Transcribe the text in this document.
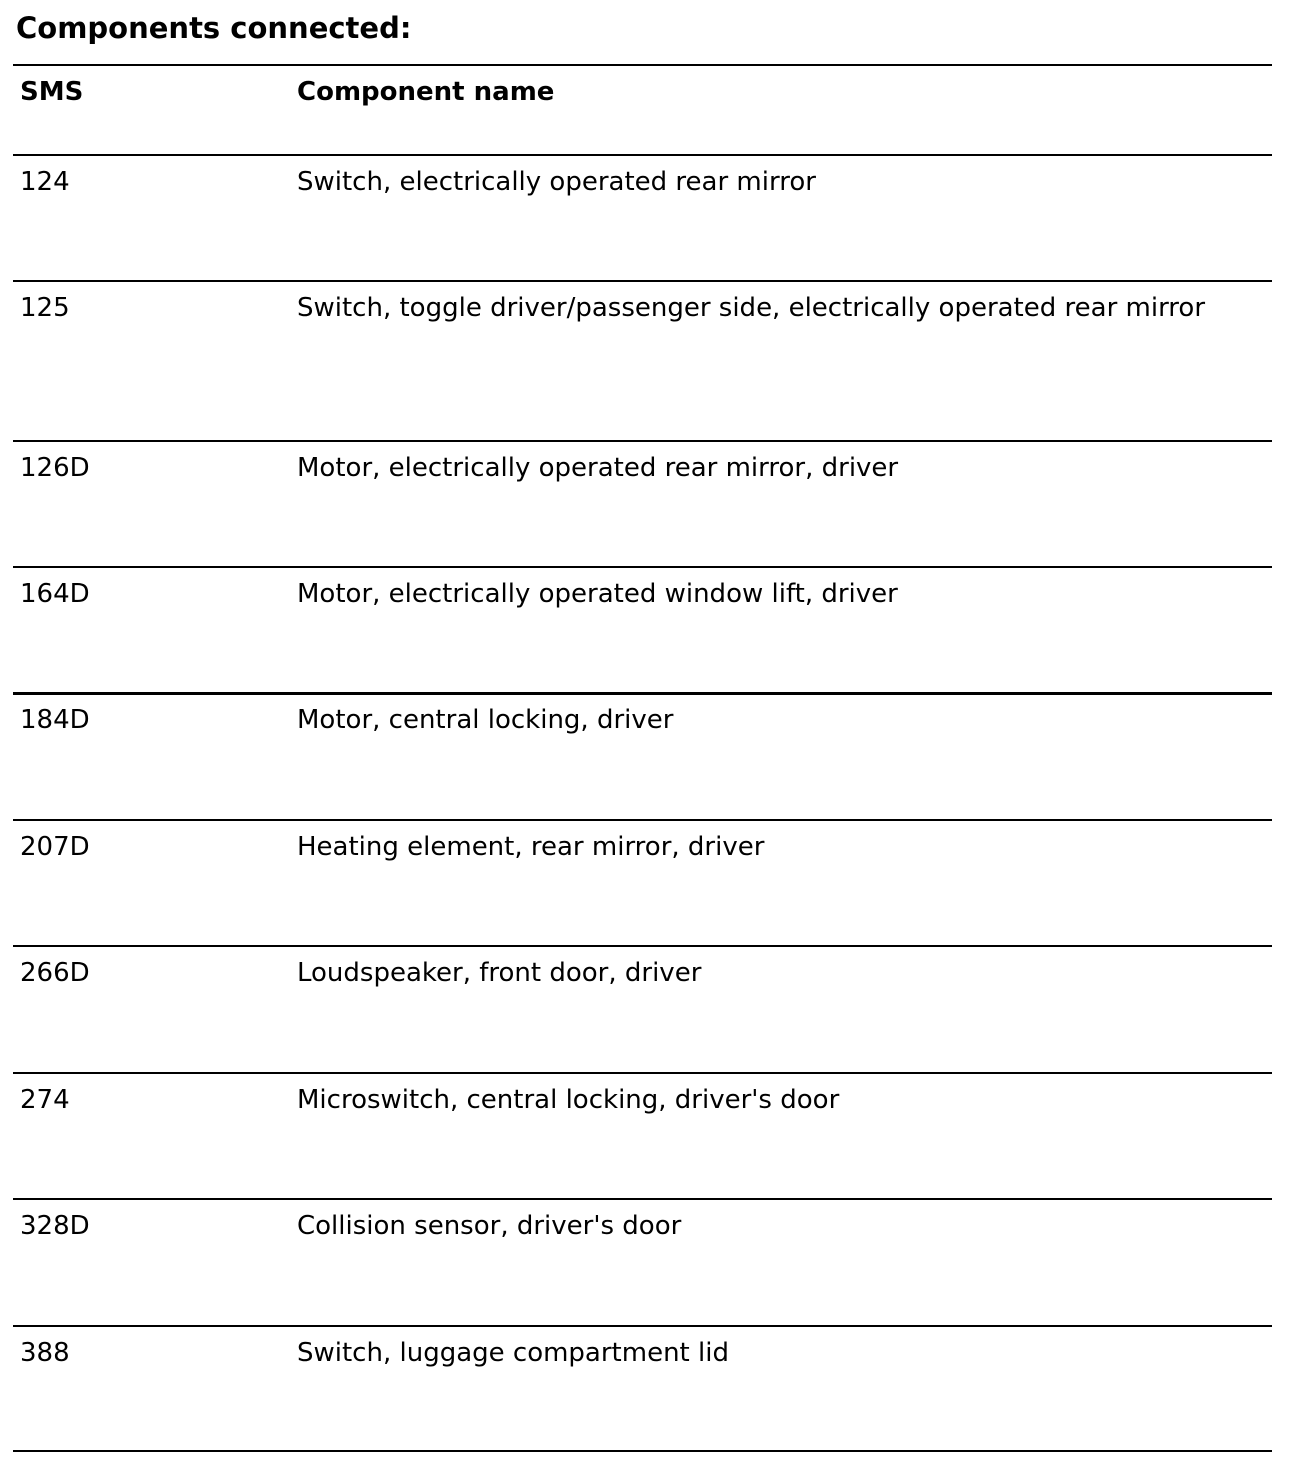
Components connected:
SMS	Component name
124	Switch, electrically operated rear mirror
125	Switch, toggle driver/passenger side, electrically operated rear mirror
126D	Motor, electrically operated rear mirror, driver
164D	Motor, electrically operated window lift, driver
184D	Motor, central locking, driver
207D	Heating element, rear mirror, driver
266D	Loudspeaker, front door, driver
274	Microswitch, central locking, driver's door
328D	Collision sensor, driver's door
388	Switch, luggage compartment lid
